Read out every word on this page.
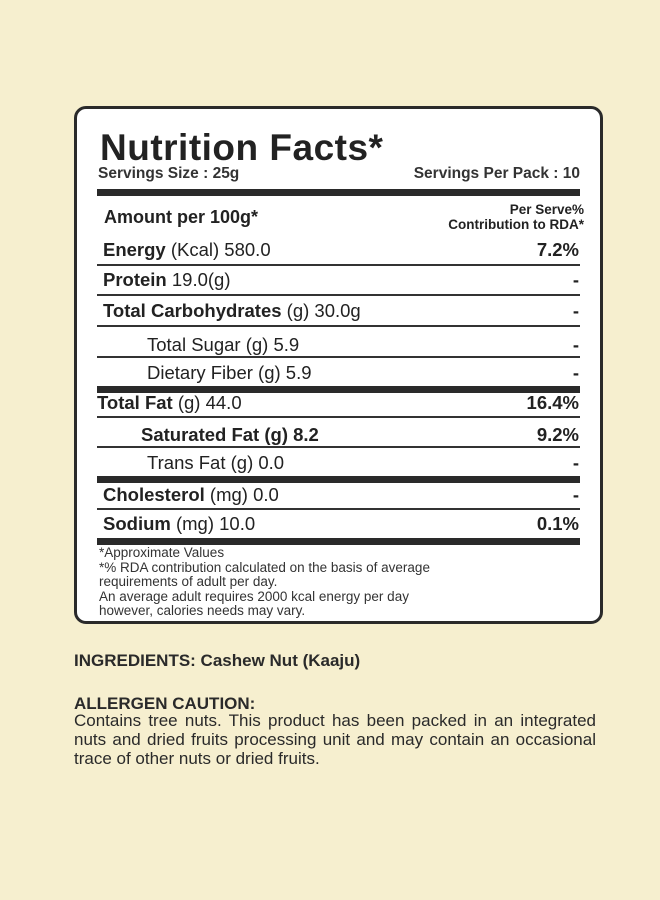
Nutrition Facts*
Servings Size : 25g	Servings Per Pack : 10
Amount per 100g*	Per Serve%
Contribution to RDA*
Energy (Kcal) 580.0	7.2%
Protein 19.0(g)	-
Total Carbohydrates (g) 30.0g	-
Total Sugar (g) 5.9	-
Dietary Fiber (g) 5.9	-
Total Fat (g) 44.0	16.4%
Saturated Fat (g) 8.2	9.2%
Trans Fat (g) 0.0	-
Cholesterol (mg) 0.0	-
Sodium (mg) 10.0	0.1%
*Approximate Values
*% RDA contribution calculated on the basis of average
requirements of adult per day.
An average adult requires 2000 kcal energy per day
however, calories needs may vary.
INGREDIENTS: Cashew Nut (Kaaju)
ALLERGEN CAUTION:
Contains tree nuts. This product has been packed in an integrated nuts and dried fruits processing unit and may contain an occasional trace of other nuts or dried fruits.
